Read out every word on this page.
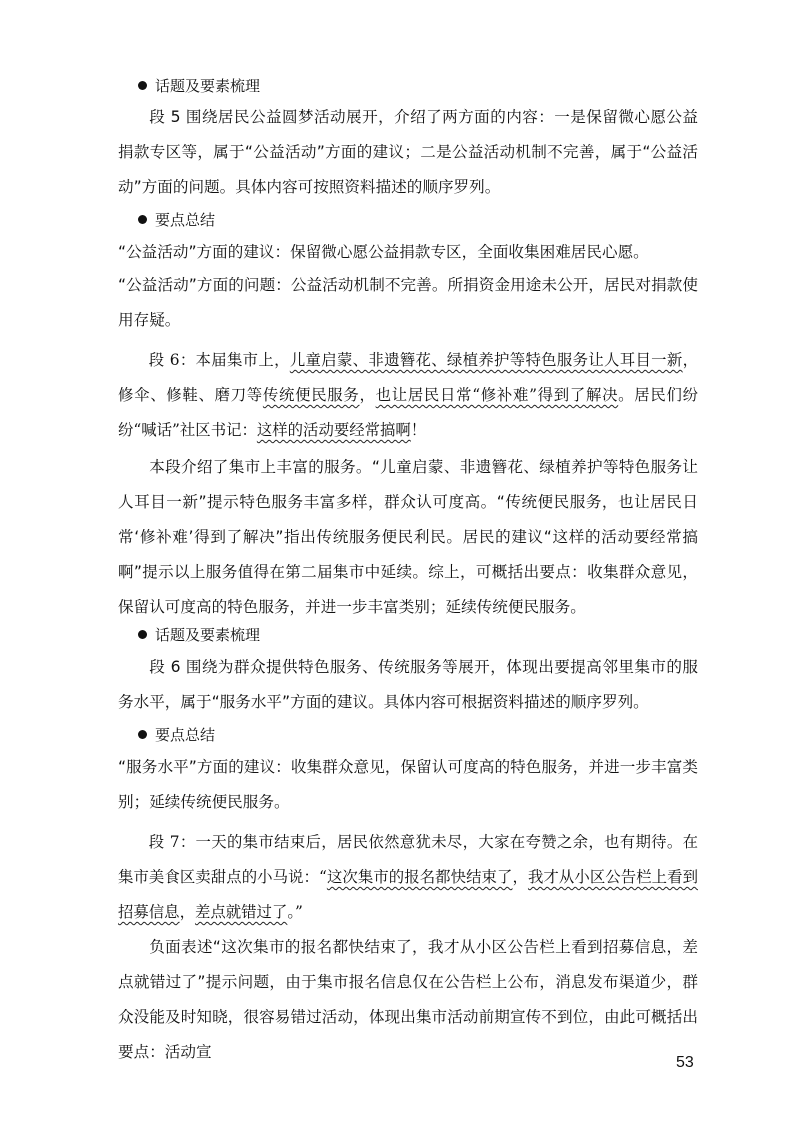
话题及要素梳理
段 5 围绕居民公益圆梦活动展开，介绍了两方面的内容：一是保留微心愿公益捐款专区等，属于“公益活动”方面的建议；二是公益活动机制不完善，属于“公益活动”方面的问题。具体内容可按照资料描述的顺序罗列。
要点总结
“公益活动”方面的建议：保留微心愿公益捐款专区，全面收集困难居民心愿。
“公益活动”方面的问题：公益活动机制不完善。所捐资金用途未公开，居民对捐款使用存疑。
段 6：本届集市上，儿童启蒙、非遗簪花、绿植养护等特色服务让人耳目一新，修伞、修鞋、磨刀等传统便民服务，也让居民日常“修补难”得到了解决。居民们纷纷“喊话”社区书记：这样的活动要经常搞啊！
本段介绍了集市上丰富的服务。“儿童启蒙、非遗簪花、绿植养护等特色服务让人耳目一新”提示特色服务丰富多样，群众认可度高。“传统便民服务，也让居民日常‘修补难’得到了解决”指出传统服务便民利民。居民的建议“这样的活动要经常搞啊”提示以上服务值得在第二届集市中延续。综上，可概括出要点：收集群众意见，保留认可度高的特色服务，并进一步丰富类别；延续传统便民服务。
话题及要素梳理
段 6 围绕为群众提供特色服务、传统服务等展开，体现出要提高邻里集市的服务水平，属于“服务水平”方面的建议。具体内容可根据资料描述的顺序罗列。
要点总结
“服务水平”方面的建议：收集群众意见，保留认可度高的特色服务，并进一步丰富类别；延续传统便民服务。
段 7：一天的集市结束后，居民依然意犹未尽，大家在夸赞之余，也有期待。在集市美食区卖甜点的小马说：“这次集市的报名都快结束了，我才从小区公告栏上看到招募信息，差点就错过了。”
负面表述“这次集市的报名都快结束了，我才从小区公告栏上看到招募信息，差点就错过了”提示问题，由于集市报名信息仅在公告栏上公布，消息发布渠道少，群众没能及时知晓，很容易错过活动，体现出集市活动前期宣传不到位，由此可概括出要点：活动宣
53
